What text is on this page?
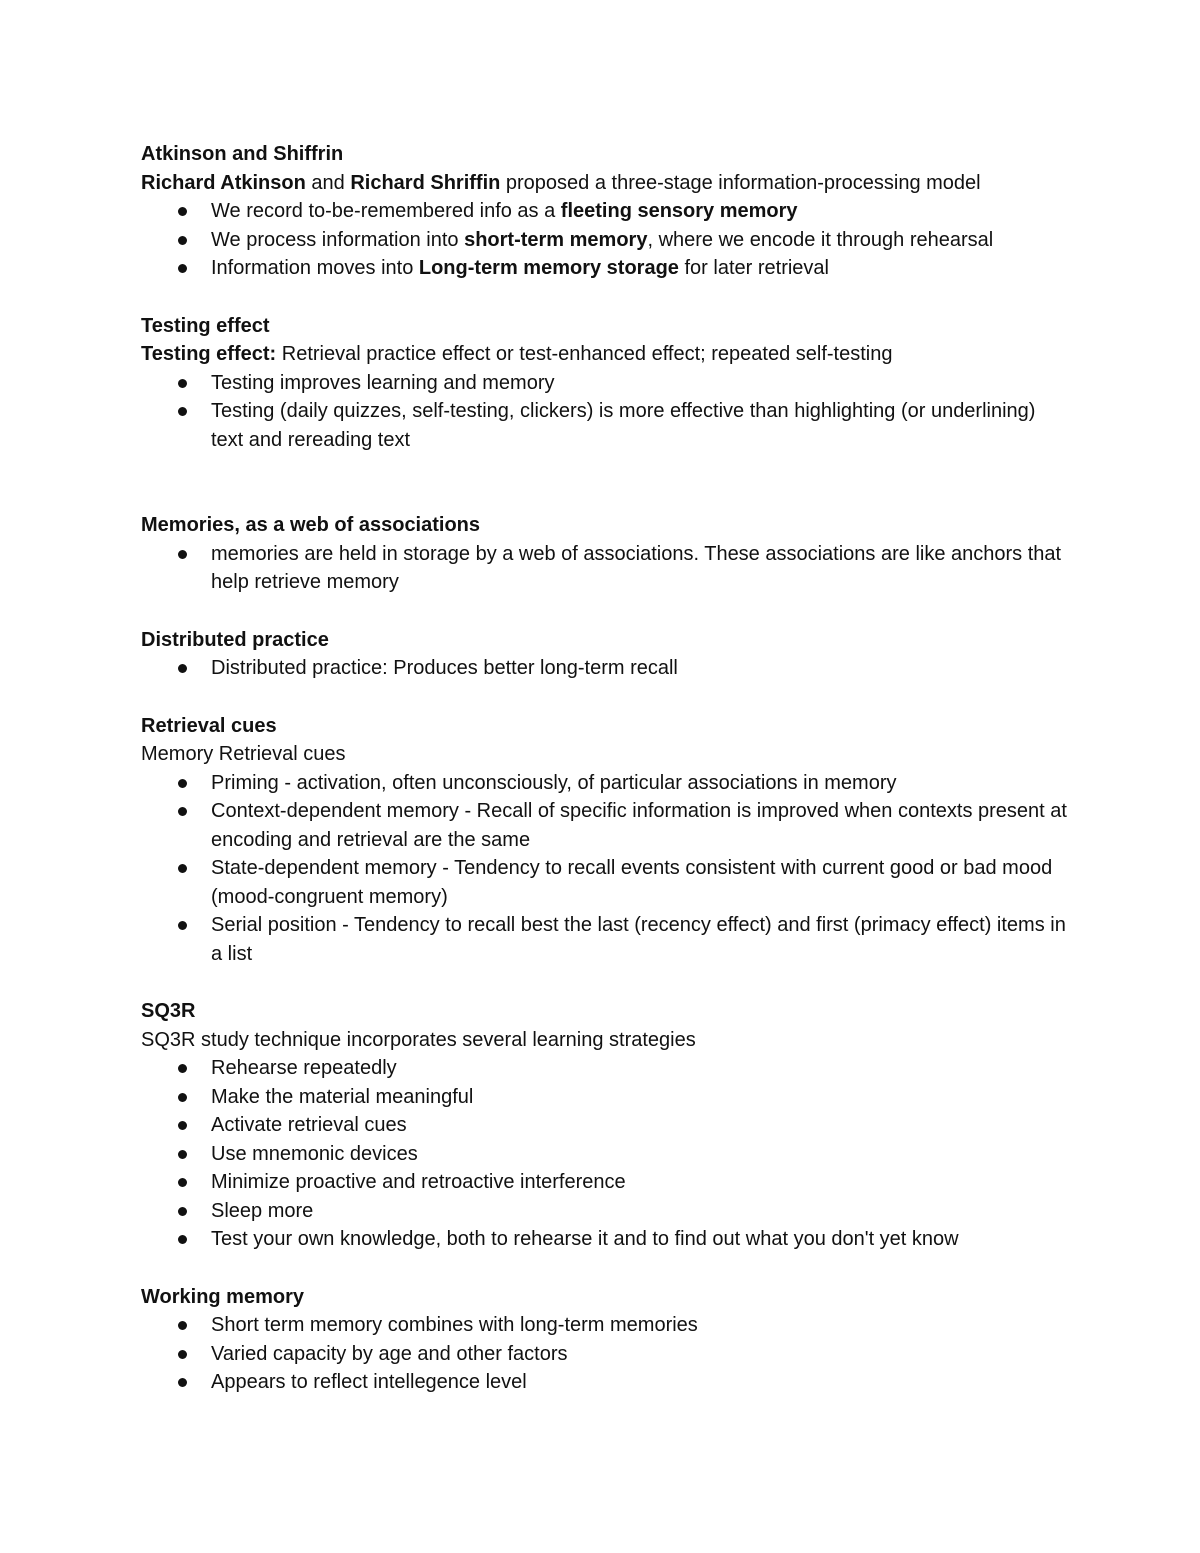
Atkinson and Shiffrin

Richard Atkinson and Richard Shriffin proposed a three-stage information-processing model

We record to-be-remembered info as a fleeting sensory memory
We process information into short-term memory, where we encode it through rehearsal
Information moves into Long-term memory storage for later retrieval

Testing effect

Testing effect: Retrieval practice effect or test-enhanced effect; repeated self-testing

Testing improves learning and memory
Testing (daily quizzes, self-testing, clickers) is more effective than highlighting (or underlining) text and rereading text

Memories, as a web of associations

memories are held in storage by a web of associations. These associations are like anchors that help retrieve memory

Distributed practice

Distributed practice: Produces better long-term recall

Retrieval cues

Memory Retrieval cues

Priming - activation, often unconsciously, of particular associations in memory
Context-dependent memory - Recall of specific information is improved when contexts present at encoding and retrieval are the same
State-dependent memory - Tendency to recall events consistent with current good or bad mood (mood-congruent memory)
Serial position - Tendency to recall best the last (recency effect) and first (primacy effect) items in a list

SQ3R

SQ3R study technique incorporates several learning strategies

Rehearse repeatedly
Make the material meaningful
Activate retrieval cues
Use mnemonic devices
Minimize proactive and retroactive interference
Sleep more
Test your own knowledge, both to rehearse it and to find out what you don't yet know

Working memory

Short term memory combines with long-term memories
Varied capacity by age and other factors
Appears to reflect intellegence level
